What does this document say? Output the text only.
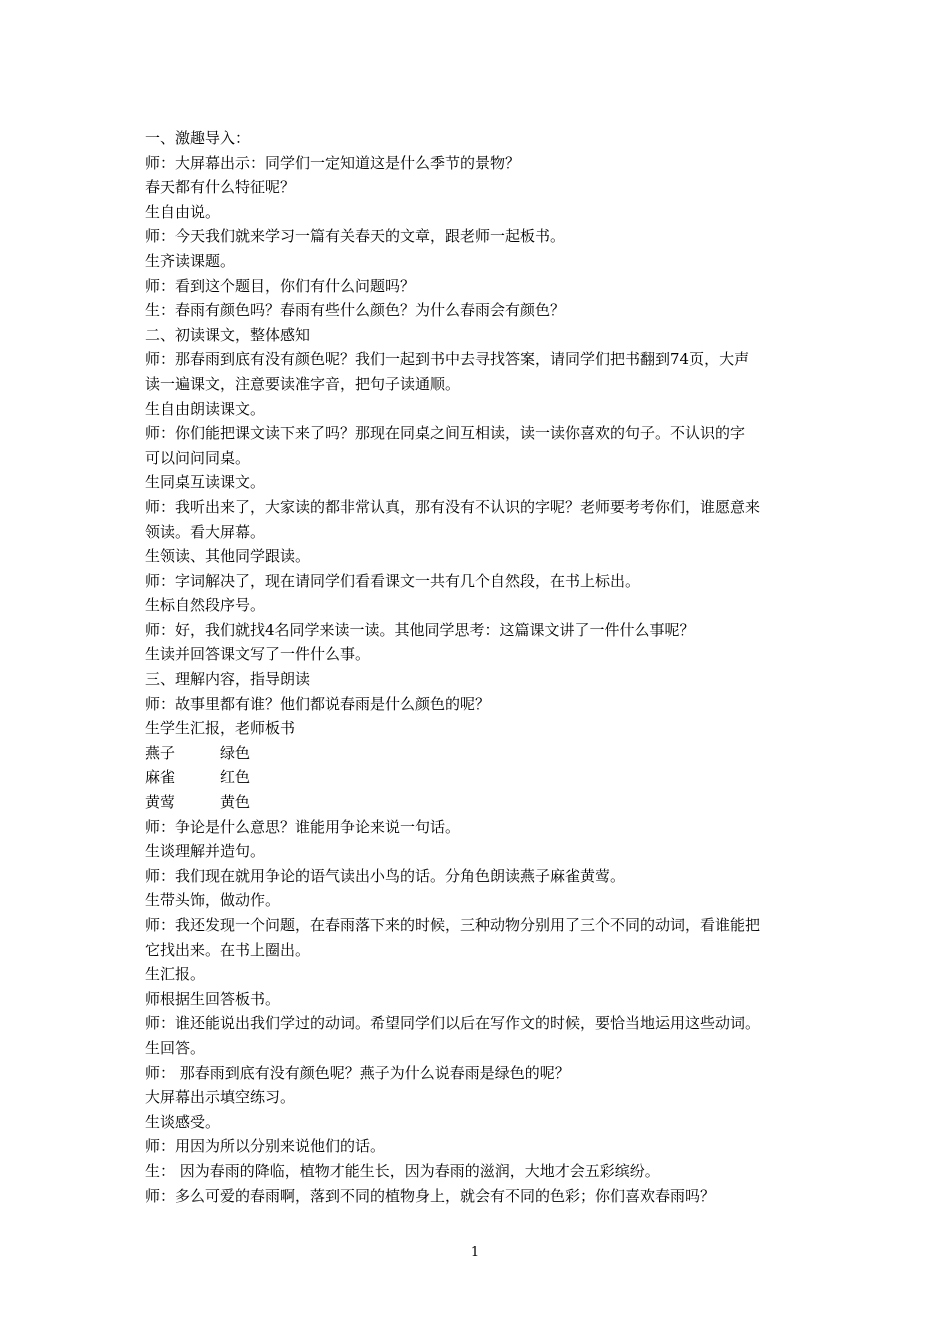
一、激趣导入：

师：大屏幕出示：同学们一定知道这是什么季节的景物？

春天都有什么特征呢？

生自由说。

师：今天我们就来学习一篇有关春天的文章，跟老师一起板书。

生齐读课题。

师：看到这个题目，你们有什么问题吗？

生：春雨有颜色吗？春雨有些什么颜色？为什么春雨会有颜色？

二、初读课文，整体感知

师：那春雨到底有没有颜色呢？我们一起到书中去寻找答案，请同学们把书翻到74页，大声

读一遍课文，注意要读准字音，把句子读通顺。

生自由朗读课文。

师：你们能把课文读下来了吗？那现在同桌之间互相读，读一读你喜欢的句子。不认识的字

可以问问同桌。

生同桌互读课文。

师：我听出来了，大家读的都非常认真，那有没有不认识的字呢？老师要考考你们，谁愿意来

领读。看大屏幕。

生领读、其他同学跟读。

师：字词解决了，现在请同学们看看课文一共有几个自然段，在书上标出。

生标自然段序号。

师：好，我们就找4名同学来读一读。其他同学思考：这篇课文讲了一件什么事呢？

生读并回答课文写了一件什么事。

三、理解内容，指导朗读

师：故事里都有谁？他们都说春雨是什么颜色的呢？

生学生汇报，老师板书

燕子	绿色
麻雀	红色
黄莺	黄色

师：争论是什么意思？谁能用争论来说一句话。

生谈理解并造句。

师：我们现在就用争论的语气读出小鸟的话。分角色朗读燕子麻雀黄莺。

生带头饰，做动作。

师：我还发现一个问题，在春雨落下来的时候，三种动物分别用了三个不同的动词，看谁能把

它找出来。在书上圈出。

生汇报。

师根据生回答板书。

师：谁还能说出我们学过的动词。希望同学们以后在写作文的时候，要恰当地运用这些动词。

生回答。

师： 那春雨到底有没有颜色呢？燕子为什么说春雨是绿色的呢？

大屏幕出示填空练习。

生谈感受。

师：用因为所以分别来说他们的话。

生： 因为春雨的降临，植物才能生长，因为春雨的滋润，大地才会五彩缤纷。

师：多么可爱的春雨啊，落到不同的植物身上，就会有不同的色彩；你们喜欢春雨吗？

1
